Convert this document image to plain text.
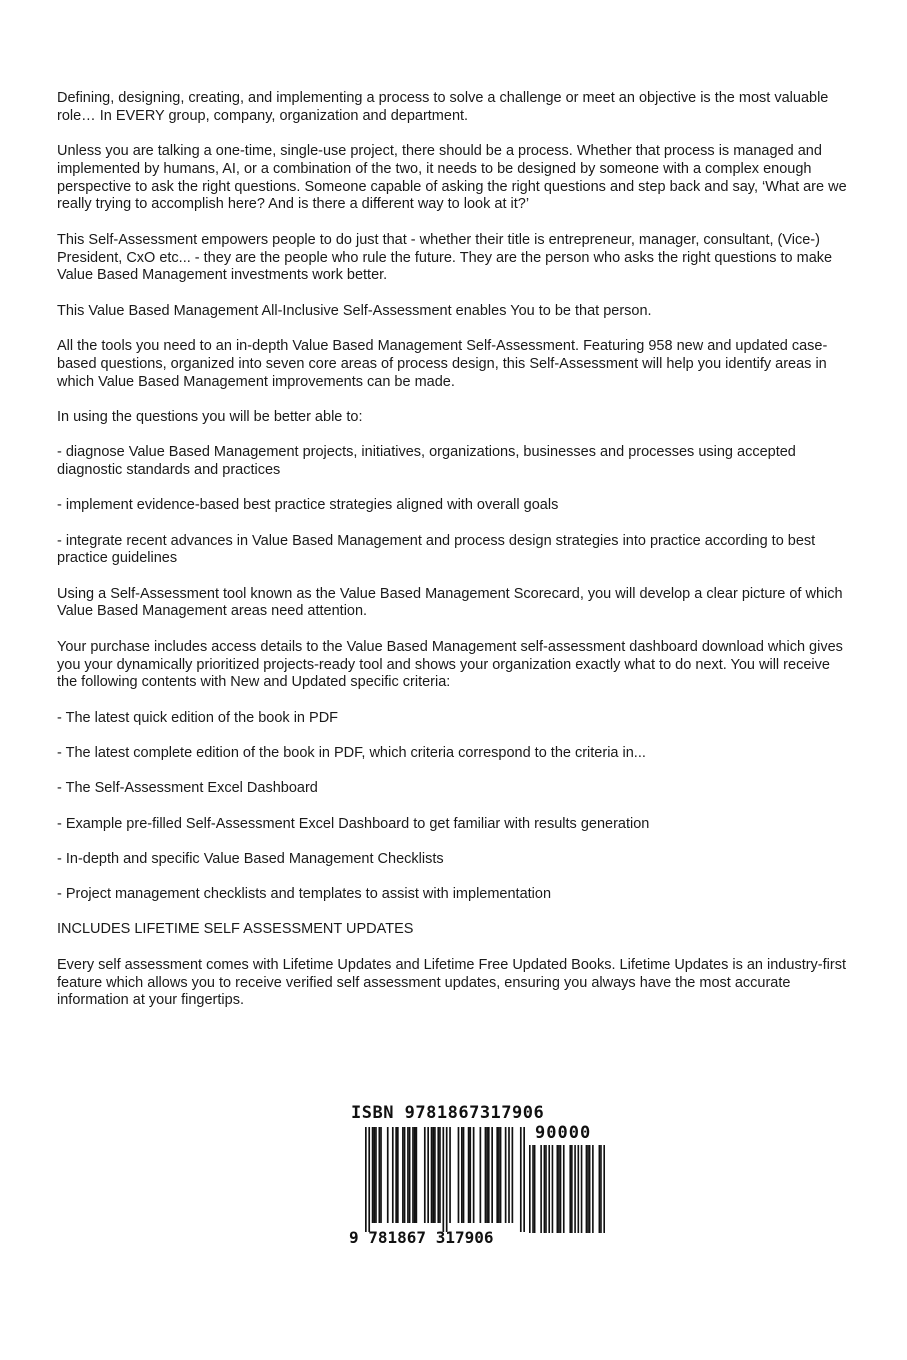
Defining, designing, creating, and implementing a process to solve a challenge or meet an objective is the most valuable role… In EVERY group, company, organization and department.

Unless you are talking a one-time, single-use project, there should be a process. Whether that process is managed and implemented by humans, AI, or a combination of the two, it needs to be designed by someone with a complex enough perspective to ask the right questions. Someone capable of asking the right questions and step back and say, ‘What are we really trying to accomplish here? And is there a different way to look at it?’

This Self-Assessment empowers people to do just that - whether their title is entrepreneur, manager, consultant, (Vice-) President, CxO etc... - they are the people who rule the future. They are the person who asks the right questions to make Value Based Management investments work better.

This Value Based Management All-Inclusive Self-Assessment enables You to be that person.

All the tools you need to an in-depth Value Based Management Self-Assessment. Featuring 958 new and updated case-based questions, organized into seven core areas of process design, this Self-Assessment will help you identify areas in which Value Based Management improvements can be made.

In using the questions you will be better able to:

- diagnose Value Based Management projects, initiatives, organizations, businesses and processes using accepted diagnostic standards and practices

- implement evidence-based best practice strategies aligned with overall goals

- integrate recent advances in Value Based Management and process design strategies into practice according to best practice guidelines

Using a Self-Assessment tool known as the Value Based Management Scorecard, you will develop a clear picture of which Value Based Management areas need attention.

Your purchase includes access details to the Value Based Management self-assessment dashboard download which gives you your dynamically prioritized projects-ready tool and shows your organization exactly what to do next. You will receive the following contents with New and Updated specific criteria:

- The latest quick edition of the book in PDF

- The latest complete edition of the book in PDF, which criteria correspond to the criteria in...

- The Self-Assessment Excel Dashboard

- Example pre-filled Self-Assessment Excel Dashboard to get familiar with results generation

- In-depth and specific Value Based Management Checklists

- Project management checklists and templates to assist with implementation

INCLUDES LIFETIME SELF ASSESSMENT UPDATES

Every self assessment comes with Lifetime Updates and Lifetime Free Updated Books. Lifetime Updates is an industry-first feature which allows you to receive verified self assessment updates, ensuring you always have the most accurate information at your fingertips.

ISBN 9781867317906
90000
9 781867 317906
